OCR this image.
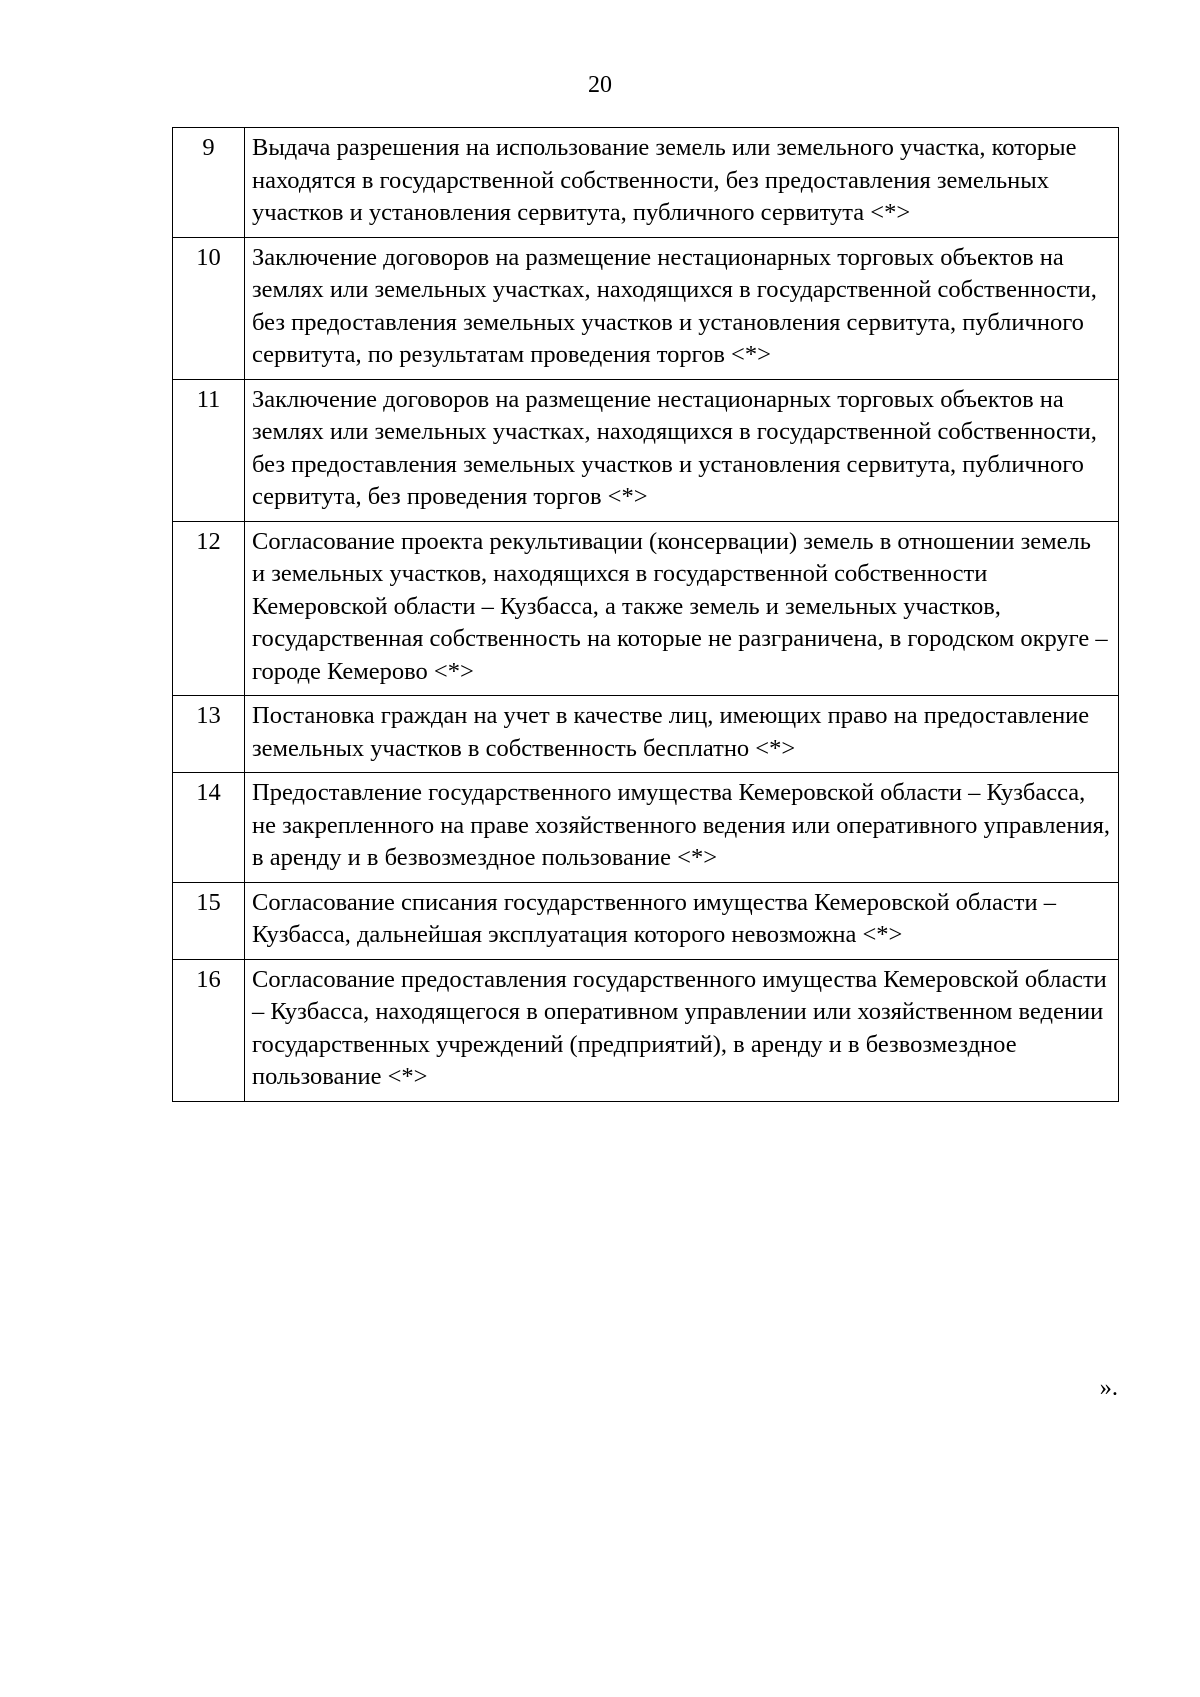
20
9	Выдача разрешения на использование земель или земельного участка, которые находятся в государственной собственности, без предоставления земельных участков и установления сервитута, публичного сервитута <*>
10	Заключение договоров на размещение нестационарных торговых объектов на землях или земельных участках, находящихся в государственной собственности, без предоставления земельных участков и установления сервитута, публичного сервитута, по результатам проведения торгов <*>
11	Заключение договоров на размещение нестационарных торговых объектов на землях или земельных участках, находящихся в государственной собственности, без предоставления земельных участков и установления сервитута, публичного сервитута, без проведения торгов <*>
12	Согласование проекта рекультивации (консервации) земель в отношении земель и земельных участков, находящихся в государственной собственности Кемеровской области – Кузбасса, а также земель и земельных участков, государственная собственность на которые не разграничена, в городском округе – городе Кемерово <*>
13	Постановка граждан на учет в качестве лиц, имеющих право на предоставление земельных участков в собственность бесплатно <*>
14	Предоставление государственного имущества Кемеровской области – Кузбасса, не закрепленного на праве хозяйственного ведения или оперативного управления, в аренду и в безвозмездное пользование <*>
15	Согласование списания государственного имущества Кемеровской области – Кузбасса, дальнейшая эксплуатация которого невозможна <*>
16	Согласование предоставления государственного имущества Кемеровской области – Кузбасса, находящегося в оперативном управлении или хозяйственном ведении государственных учреждений (предприятий), в аренду и в безвозмездное пользование <*>
».
